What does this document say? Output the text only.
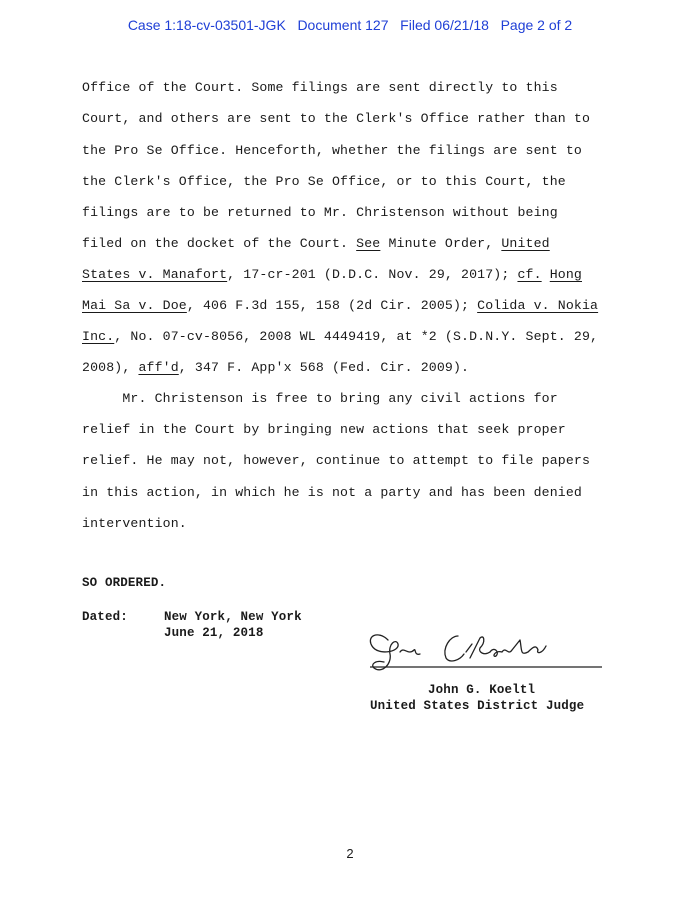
Case 1:18-cv-03501-JGK   Document 127   Filed 06/21/18   Page 2 of 2
Office of the Court. Some filings are sent directly to this
Court, and others are sent to the Clerk's Office rather than to
the Pro Se Office. Henceforth, whether the filings are sent to
the Clerk's Office, the Pro Se Office, or to this Court, the
filings are to be returned to Mr. Christenson without being
filed on the docket of the Court. See Minute Order, United
States v. Manafort, 17-cr-201 (D.D.C. Nov. 29, 2017); cf. Hong
Mai Sa v. Doe, 406 F.3d 155, 158 (2d Cir. 2005); Colida v. Nokia
Inc., No. 07-cv-8056, 2008 WL 4449419, at *2 (S.D.N.Y. Sept. 29,
2008), aff'd, 347 F. App'x 568 (Fed. Cir. 2009).
Mr. Christenson is free to bring any civil actions for
relief in the Court by bringing new actions that seek proper
relief. He may not, however, continue to attempt to file papers
in this action, in which he is not a party and has been denied
intervention.
SO ORDERED.
Dated:	New York, New York
June 21, 2018
John G. Koeltl
United States District Judge
2
